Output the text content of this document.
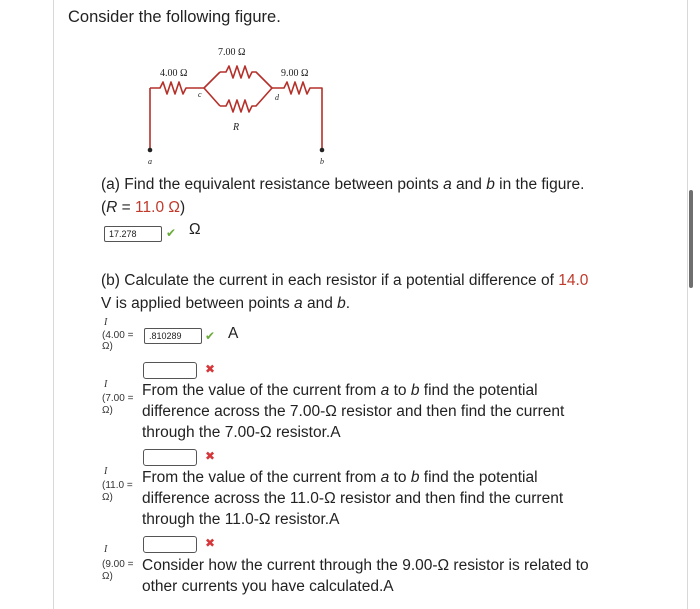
Consider the following figure.
4.00 Ω
7.00 Ω
9.00 Ω
R
c	d
a	b
(a) Find the equivalent resistance between points a and b in the figure.
(R = 11.0 Ω)
17.278	✔ Ω
(b) Calculate the current in each resistor if a potential difference of 14.0
V is applied between points a and b.
I
(4.00 =
Ω)
.810289	✔ A
✖
I
(7.00 =
Ω)
From the value of the current from a to b find the potential
difference across the 7.00-Ω resistor and then find the current
through the 7.00-Ω resistor.A
✖
I
(11.0 =
Ω)
From the value of the current from a to b find the potential
difference across the 11.0-Ω resistor and then find the current
through the 11.0-Ω resistor.A
✖
I
(9.00 =
Ω)
Consider how the current through the 9.00-Ω resistor is related to
other currents you have calculated.A
